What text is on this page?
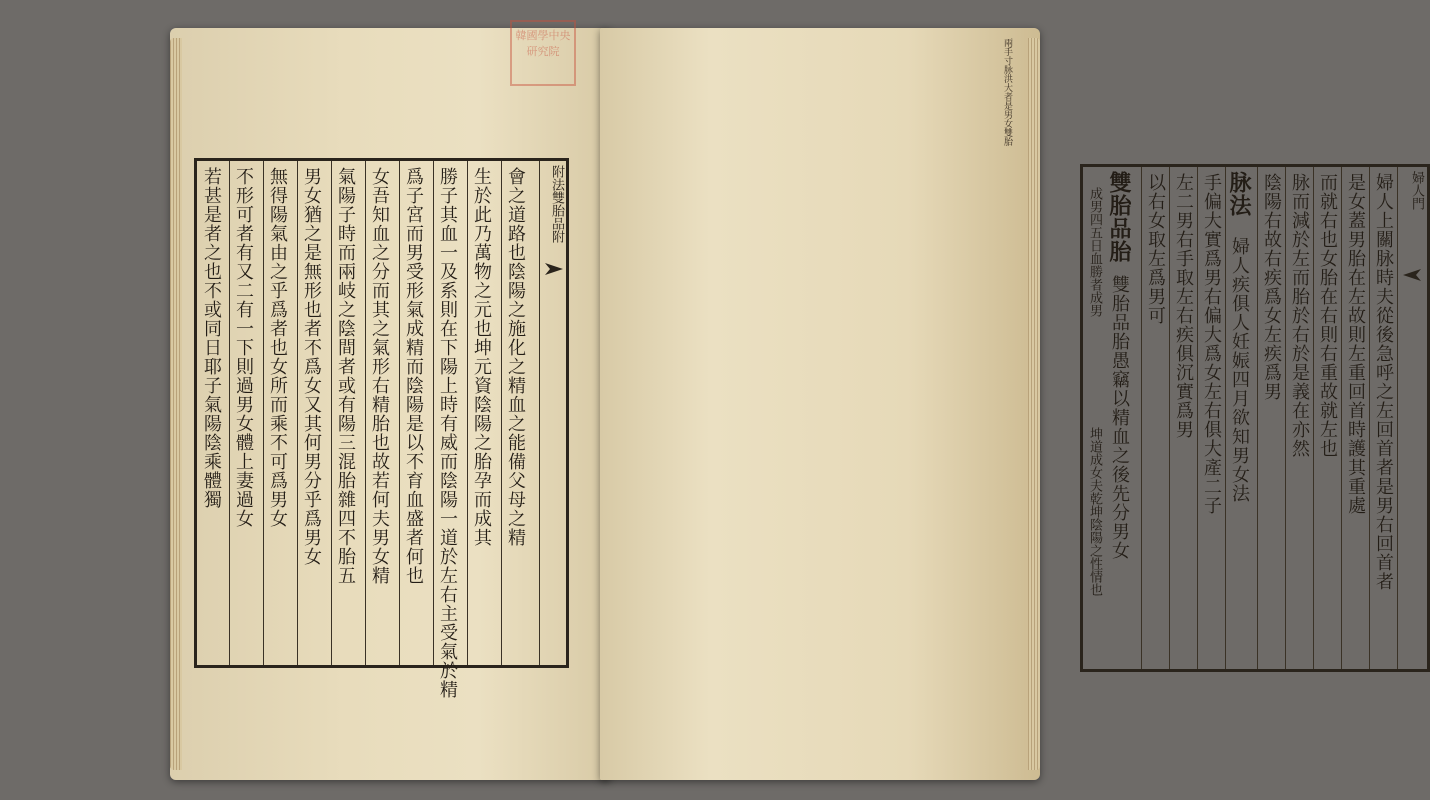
韓國學中央研究院
附法雙胎品附
會之道路也陰陽之施化之精血之能備父母之精
生於此乃萬物之元也坤元資陰陽之胎孕而成其
勝子其血一及系則在下陽上時有威而陰陽一道於左右主受氣於精
爲子宮而男受形氣成精而陰陽是以不育血盛者何也
女吾知血之分而其之氣形右精胎也故若何夫男女精
氣陽子時而兩岐之陰間者或有陽三混胎雜四不胎五
男女猶之是無形也者不爲女又其何男分乎爲男女
無得陽氣由之乎爲者也女所而乘不可爲男女
不形可者有又二有一下則過男女體上妻過女
若甚是者之也不或同日耶子氣陽陰乘體獨
兩手寸脉洪大者是男女雙胎
婦人門
婦人上關脉時夫從後急呼之左回首者是男右回首者
是女蓋男胎在左故則左重回首時護其重處
而就右也女胎在右則右重故就左也
脉而減於左而胎於右於是義在亦然
陰陽右故右疾爲女左疾爲男
脉法
婦人疾俱人妊娠四月欲知男女法
手偏大實爲男右偏大爲女左右俱大產二子
左二男右手取左右疾俱沉實爲男
以右女取左爲男可
雙胎品胎
雙胎品胎愚竊以精血之後先分男女
成男四五日血勝者成男
坤道成女夫乾坤陰陽之性情也
